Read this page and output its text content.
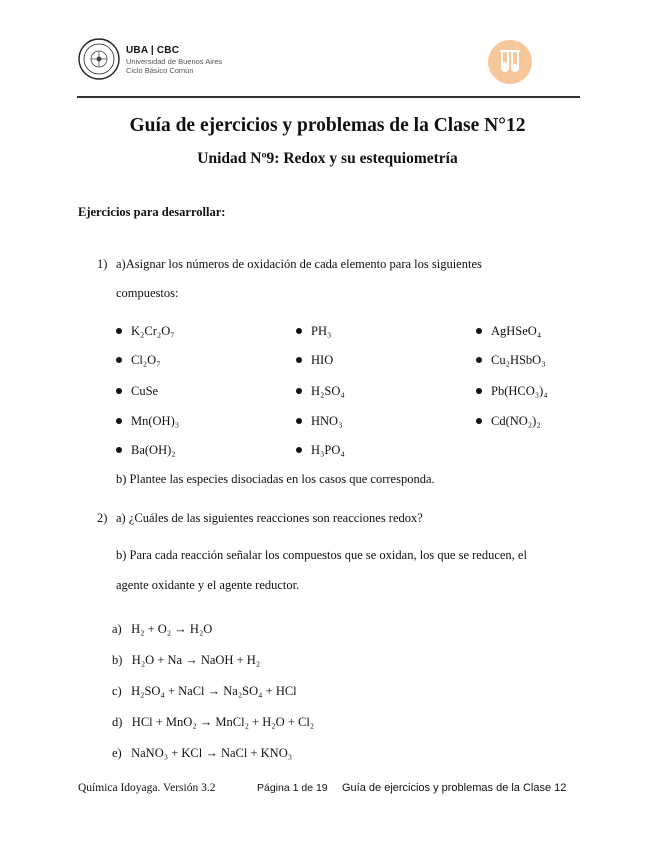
UBA | CBC
Universidad de Buenos Aires
Ciclo Básico Común
Guía de ejercicios y problemas de la Clase N°12
Unidad Nº9: Redox y su estequiometría
Ejercicios para desarrollar:
1) a)Asignar los números de oxidación de cada elemento para los siguientes
compuestos:
K₂Cr₂O₇	PH₃	AgHSeO₄
Cl₂O₇	HIO	Cu₂HSbO₃
CuSe	H₂SO₄	Pb(HCO₃)₄
Mn(OH)₃	HNO₃	Cd(NO₂)₂
Ba(OH)₂	H₃PO₄
b) Plantee las especies disociadas en los casos que corresponda.
2) a) ¿Cuáles de las siguientes reacciones son reacciones redox?
b) Para cada reacción señalar los compuestos que se oxidan, los que se reducen, el
agente oxidante y el agente reductor.
a) H₂ + O₂ → H₂O
b) H₂O + Na → NaOH + H₂
c) H₂SO₄ + NaCl → Na₂SO₄ + HCl
d) HCl + MnO₂ → MnCl₂ + H₂O + Cl₂
e) NaNO₃ + KCl → NaCl + KNO₃
Química Idoyaga. Versión 3.2	Página 1 de 19 Guía de ejercicios y problemas de la Clase 12
